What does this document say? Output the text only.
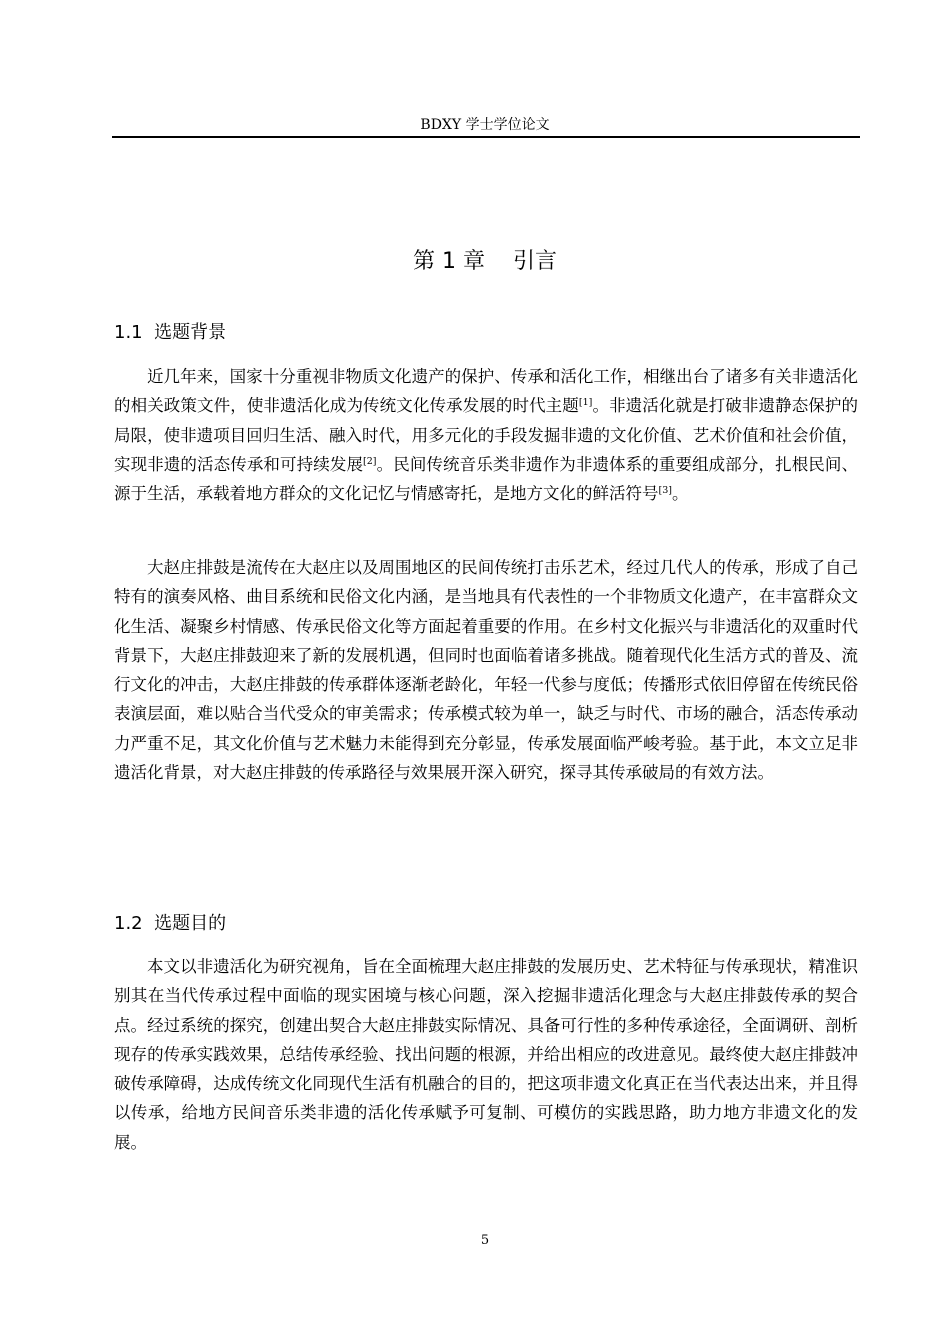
BDXY 学士学位论文
第 1 章    引言
1.1  选题背景

近几年来，国家十分重视非物质文化遗产的保护、传承和活化工作，相继出台了诸多有关非遗活化的相关政策文件，使非遗活化成为传统文化传承发展的时代主题[1]。非遗活化就是打破非遗静态保护的局限，使非遗项目回归生活、融入时代，用多元化的手段发掘非遗的文化价值、艺术价值和社会价值，实现非遗的活态传承和可持续发展[2]。民间传统音乐类非遗作为非遗体系的重要组成部分，扎根民间、源于生活，承载着地方群众的文化记忆与情感寄托，是地方文化的鲜活符号[3]。

大赵庄排鼓是流传在大赵庄以及周围地区的民间传统打击乐艺术，经过几代人的传承，形成了自己特有的演奏风格、曲目系统和民俗文化内涵，是当地具有代表性的一个非物质文化遗产，在丰富群众文化生活、凝聚乡村情感、传承民俗文化等方面起着重要的作用。在乡村文化振兴与非遗活化的双重时代背景下，大赵庄排鼓迎来了新的发展机遇，但同时也面临着诸多挑战。随着现代化生活方式的普及、流行文化的冲击，大赵庄排鼓的传承群体逐渐老龄化，年轻一代参与度低；传播形式依旧停留在传统民俗表演层面，难以贴合当代受众的审美需求；传承模式较为单一，缺乏与时代、市场的融合，活态传承动力严重不足，其文化价值与艺术魅力未能得到充分彰显，传承发展面临严峻考验。基于此，本文立足非遗活化背景，对大赵庄排鼓的传承路径与效果展开深入研究，探寻其传承破局的有效方法。

1.2  选题目的

本文以非遗活化为研究视角，旨在全面梳理大赵庄排鼓的发展历史、艺术特征与传承现状，精准识别其在当代传承过程中面临的现实困境与核心问题，深入挖掘非遗活化理念与大赵庄排鼓传承的契合点。经过系统的探究，创建出契合大赵庄排鼓实际情况、具备可行性的多种传承途径，全面调研、剖析现存的传承实践效果，总结传承经验、找出问题的根源，并给出相应的改进意见。最终使大赵庄排鼓冲破传承障碍，达成传统文化同现代生活有机融合的目的，把这项非遗文化真正在当代表达出来，并且得以传承，给地方民间音乐类非遗的活化传承赋予可复制、可模仿的实践思路，助力地方非遗文化的发展。

5
